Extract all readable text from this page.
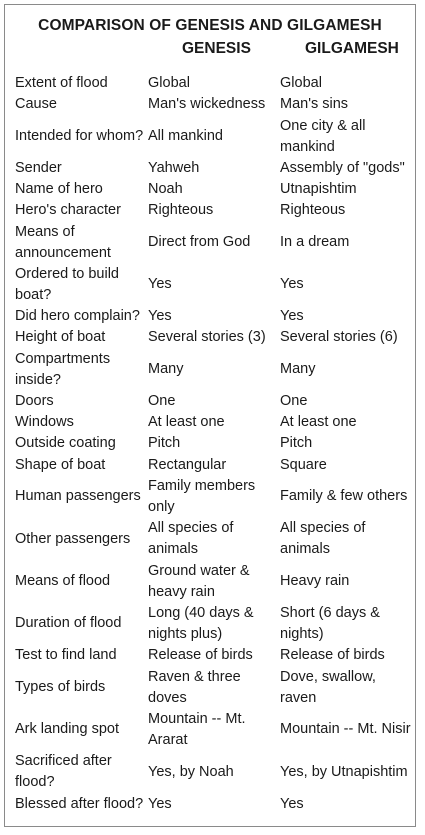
COMPARISON OF GENESIS AND GILGAMESH
GENESIS	GILGAMESH
Extent of flood	Global	Global
Cause	Man's wickedness	Man's sins
Intended for whom?	All mankind	One city & all mankind
Sender	Yahweh	Assembly of "gods"
Name of hero	Noah	Utnapishtim
Hero's character	Righteous	Righteous
Means of announcement	Direct from God	In a dream
Ordered to build boat?	Yes	Yes
Did hero complain?	Yes	Yes
Height of boat	Several stories (3)	Several stories (6)
Compartments inside?	Many	Many
Doors	One	One
Windows	At least one	At least one
Outside coating	Pitch	Pitch
Shape of boat	Rectangular	Square
Human passengers	Family members only	Family & few others
Other passengers	All species of animals	All species of animals
Means of flood	Ground water & heavy rain	Heavy rain
Duration of flood	Long (40 days & nights plus)	Short (6 days & nights)
Test to find land	Release of birds	Release of birds
Types of birds	Raven & three doves	Dove, swallow, raven
Ark landing spot	Mountain -- Mt. Ararat	Mountain -- Mt. Nisir
Sacrificed after flood?	Yes, by Noah	Yes, by Utnapishtim
Blessed after flood?	Yes	Yes
